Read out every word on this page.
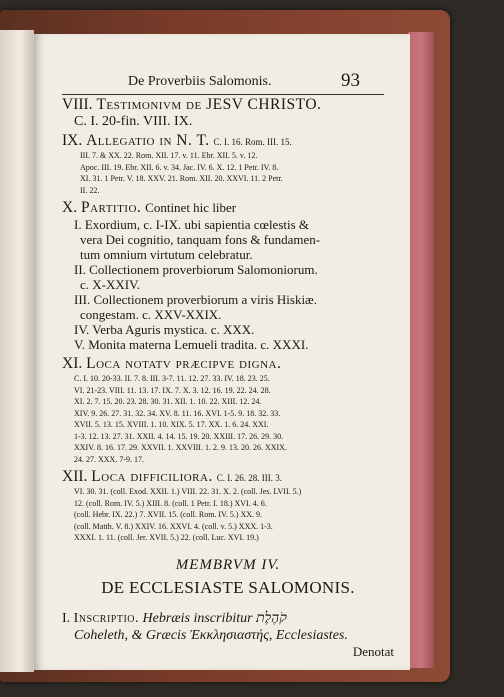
De Proverbiis Salomonis.	93
VIII. Testimonivm de JESV CHRISTO.
C. I. 20-fin. VIII. IX.
IX. Allegatio in N. T. C. I. 16. Rom. III. 15.
III. 7. & XX. 22. Rom. XII. 17. v. 11. Ebr. XII. 5. v. 12.
Apoc. III. 19. Ebr. XII. 6. v. 34. Jac. IV. 6. X. 12. 1 Petr. IV. 8.
XI. 31. 1 Petr. V. 18. XXV. 21. Rom. XII. 20. XXVI. 11. 2 Petr.
II. 22.
X. Partitio. Continet hic liber
I. Exordium, c. I-IX. ubi sapientia cœlestis &
vera Dei cognitio, tanquam fons & fundamen-
tum omnium virtutum celebratur.
II. Collectionem proverbiorum Salomoniorum.
c. X-XXIV.
III. Collectionem proverbiorum a viris Hiskiæ.
congestam. c. XXV-XXIX.
IV. Verba Aguris mystica. c. XXX.
V. Monita materna Lemueli tradita. c. XXXI.
XI. Loca notatv præcipve digna.
C. I. 10. 20-33. II. 7. 8. III. 3-7. 11. 12. 27. 33. IV. 18. 23. 25.
VI. 21-23. VIII. 11. 13. 17. IX. 7. X. 3. 12. 16. 19. 22. 24. 28.
XI. 2. 7. 15. 20. 23. 28. 30. 31. XII. 1. 10. 22. XIII. 12. 24.
XIV. 9. 26. 27. 31. 32. 34. XV. 8. 11. 16. XVI. 1-5. 9. 18. 32. 33.
XVII. 5. 13. 15. XVIII. 1. 10. XIX. 5. 17. XX. 1. 6. 24. XXI.
1-3. 12. 13. 27. 31. XXII. 4. 14. 15. 19. 20. XXIII. 17. 26. 29. 30.
XXIV. 8. 16. 17. 29. XXVII. 1. XXVIII. 1. 2. 9. 13. 20. 26. XXIX.
24. 27. XXX. 7-9. 17.
XII. Loca difficiliora. C. I. 26. 28. III. 3.
VI. 30. 31. (coll. Exod. XXII. 1.) VIII. 22. 31. X. 2. (coll. Jes. LVII. 5.)
12. (coll. Rom. IV. 5.) XIII. 8. (coll. 1 Petr. I. 18.) XVI. 4. 6.
(coll. Hebr. IX. 22.) 7. XVII. 15. (coll. Rom. IV. 5.) XX. 9.
(coll. Matth. V. 8.) XXIV. 16. XXVI. 4. (coll. v. 5.) XXX. 1-3.
XXXI. 1. 11. (coll. Jer. XVII. 5.) 22. (coll. Luc. XVI. 19.)
MEMBRVM IV.
DE ECCLESIASTE SALOMONIS.
I. Inscriptio. Hebræis inscribitur קֹהֶלֶת
Coheleth, & Græcis Ἐκκλησιαστής, Ecclesiastes.
Denotat
